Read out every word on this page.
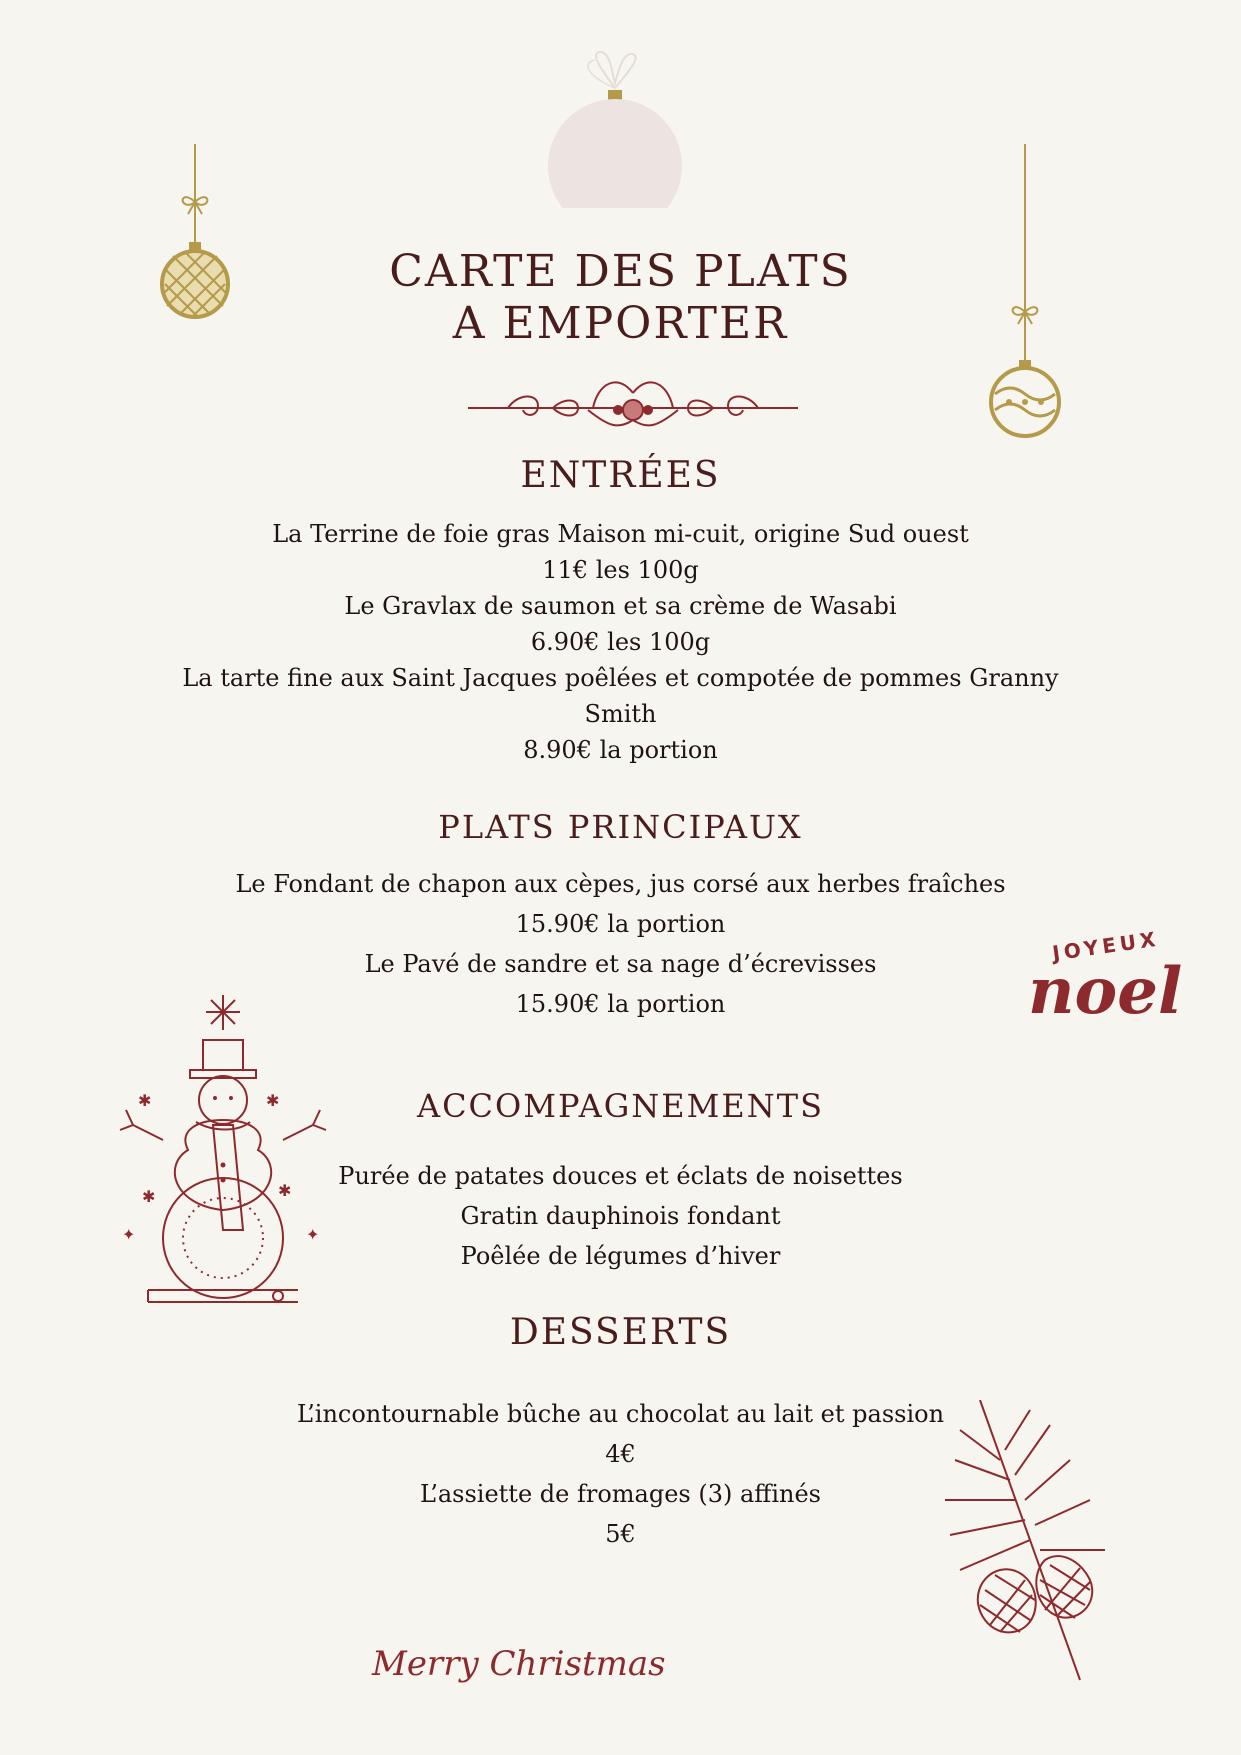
CARTE DES PLATS
A EMPORTER
ENTRÉES
La Terrine de foie gras Maison mi-cuit, origine Sud ouest
11€ les 100g
Le Gravlax de saumon et sa crème de Wasabi
6.90€ les 100g
La tarte fine aux Saint Jacques poêlées et compotée de pommes Granny
Smith
8.90€ la portion
PLATS PRINCIPAUX
Le Fondant de chapon aux cèpes, jus corsé aux herbes fraîches
15.90€ la portion
Le Pavé de sandre et sa nage d’écrevisses
15.90€ la portion
ACCOMPAGNEMENTS
Purée de patates douces et éclats de noisettes
Gratin dauphinois fondant
Poêlée de légumes d’hiver
DESSERTS
L’incontournable bûche au chocolat au lait et passion
4€
L’assiette de fromages (3) affinés
5€
JOYEUX
noel
✱	✱
✱	✱
✦	✦
Merry Christmas
